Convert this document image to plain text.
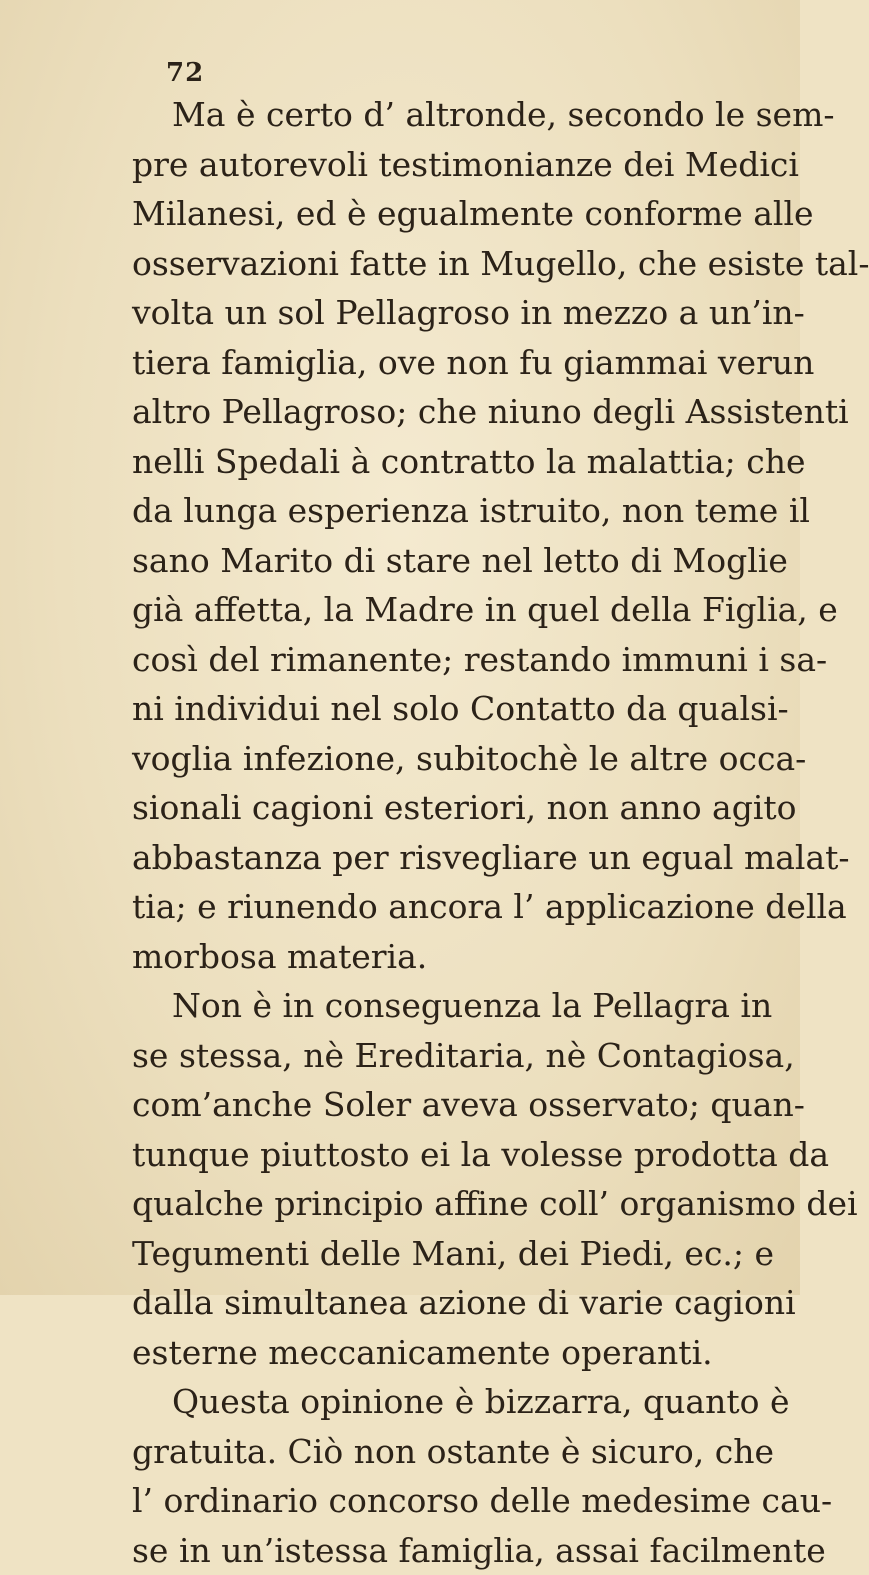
72
Ma è certo d’ altronde, secondo le sem-
pre autorevoli testimonianze dei Medici
Milanesi, ed è egualmente conforme alle
osservazioni fatte in Mugello, che esiste tal-
volta un sol Pellagroso in mezzo a un’in-
tiera famiglia, ove non fu giammai verun
altro Pellagroso; che niuno degli Assistenti
nelli Spedali à contratto la malattia; che
da lunga esperienza istruito, non teme il
sano Marito di stare nel letto di Moglie
già affetta, la Madre in quel della Figlia, e
così del rimanente; restando immuni i sa-
ni individui nel solo Contatto da qualsi-
voglia infezione, subitochè le altre occa-
sionali cagioni esteriori, non anno agito
abbastanza per risvegliare un egual malat-
tia; e riunendo ancora l’ applicazione della
morbosa materia.
Non è in conseguenza la Pellagra in
se stessa, nè Ereditaria, nè Contagiosa,
com’anche Soler aveva osservato; quan-
tunque piuttosto ei la volesse prodotta da
qualche principio affine coll’ organismo dei
Tegumenti delle Mani, dei Piedi, ec.; e
dalla simultanea azione di varie cagioni
esterne meccanicamente operanti.
Questa opinione è bizzarra, quanto è
gratuita. Ciò non ostante è sicuro, che
l’ ordinario concorso delle medesime cau-
se in un’istessa famiglia, assai facilmente
